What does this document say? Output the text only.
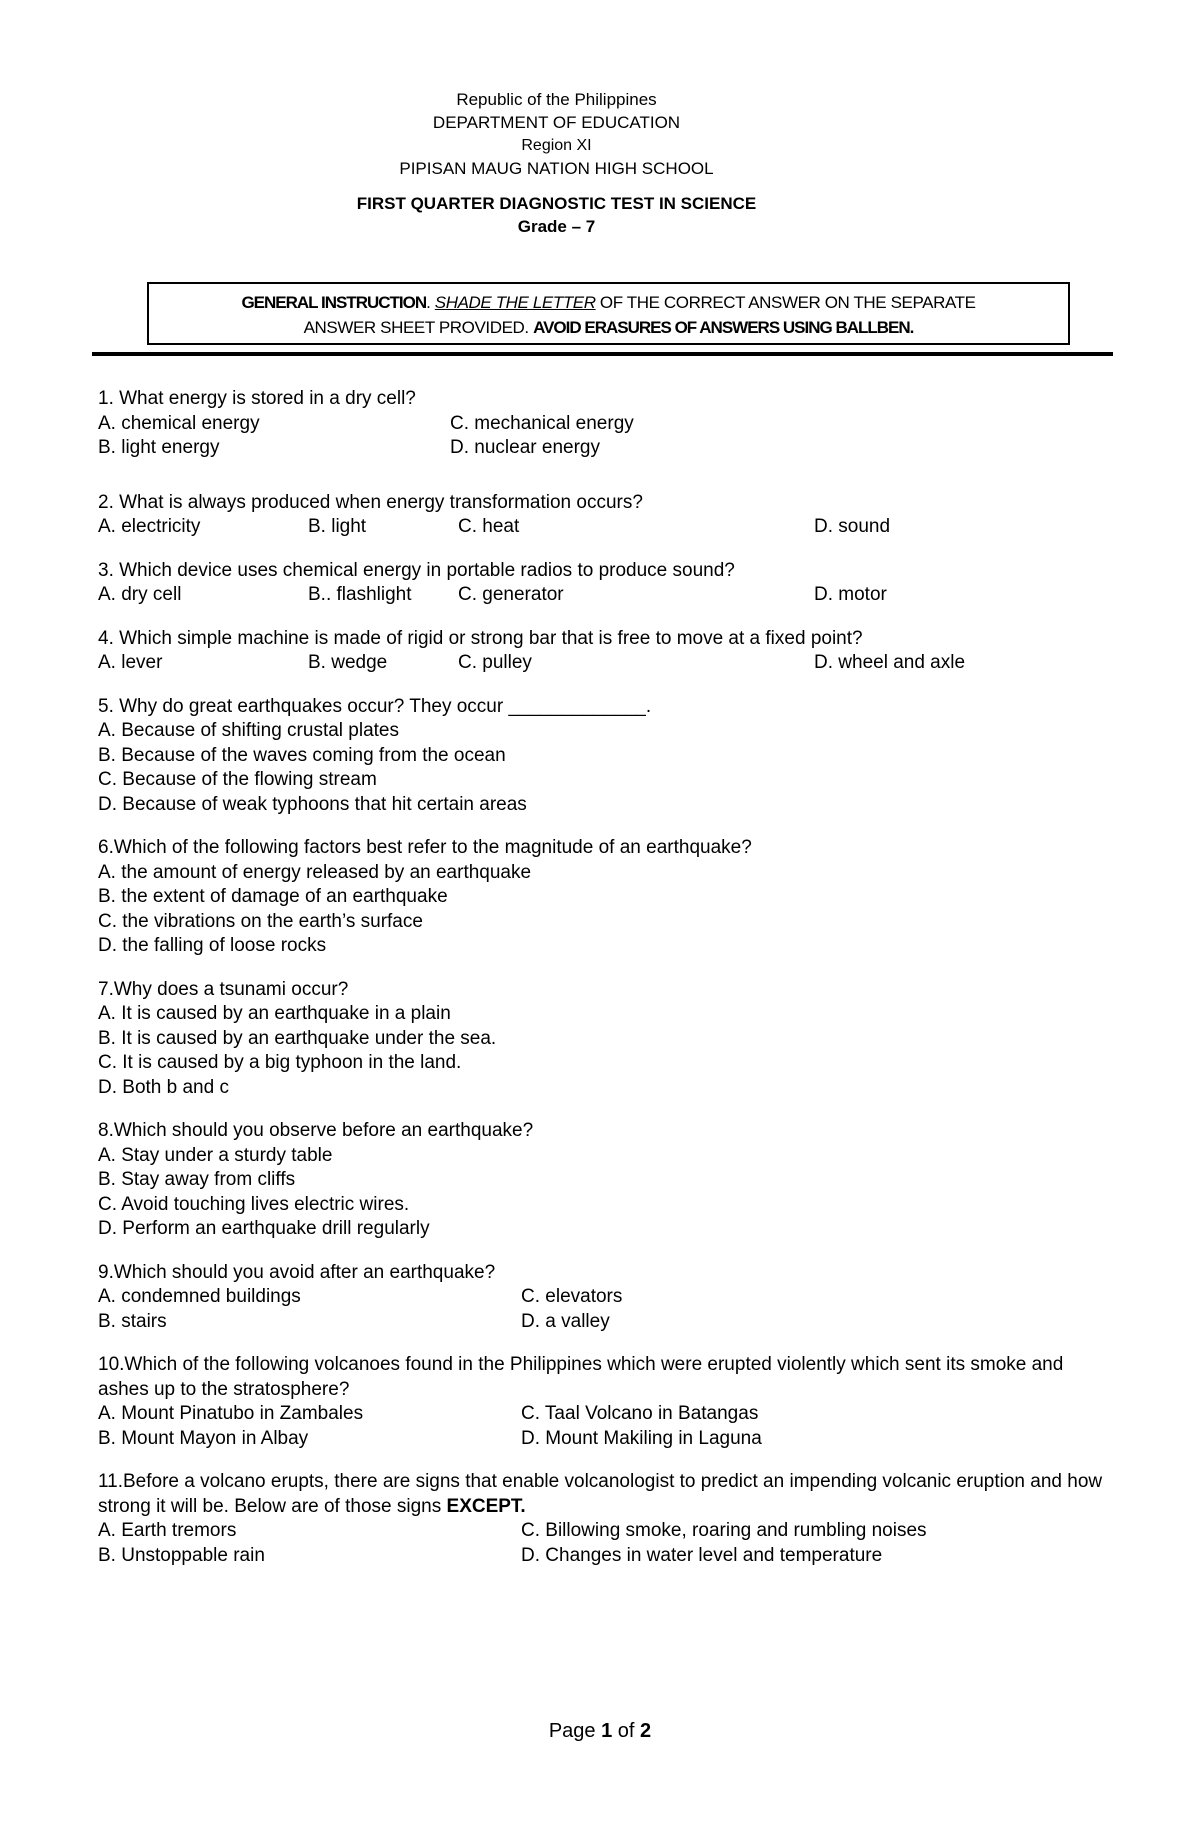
Republic of the Philippines
DEPARTMENT OF EDUCATION
Region XI
PIPISAN MAUG NATION HIGH SCHOOL
FIRST QUARTER DIAGNOSTIC TEST IN SCIENCE
Grade – 7
GENERAL INSTRUCTION. SHADE THE LETTER OF THE CORRECT ANSWER ON THE SEPARATE
ANSWER SHEET PROVIDED. AVOID ERASURES OF ANSWERS USING BALLBEN.
1. What energy is stored in a dry cell?
A. chemical energy	C. mechanical energy
B. light energy	D. nuclear energy
2. What is always produced when energy transformation occurs?
A. electricity	B. light	C. heat	D. sound
3. Which device uses chemical energy in portable radios to produce sound?
A. dry cell	B.. flashlight	C. generator	D. motor
4. Which simple machine is made of rigid or strong bar that is free to move at a fixed point?
A. lever	B. wedge	C. pulley	D. wheel and axle
5. Why do great earthquakes occur? They occur _____________.
A. Because of shifting crustal plates
B. Because of the waves coming from the ocean
C. Because of the flowing stream
D. Because of weak typhoons that hit certain areas
6.Which of the following factors best refer to the magnitude of an earthquake?
A. the amount of energy released by an earthquake
B. the extent of damage of an earthquake
C. the vibrations on the earth’s surface
D. the falling of loose rocks
7.Why does a tsunami occur?
A. It is caused by an earthquake in a plain
B. It is caused by an earthquake under the sea.
C. It is caused by a big typhoon in the land.
D. Both b and c
8.Which should you observe before an earthquake?
A. Stay under a sturdy table
B. Stay away from cliffs
C. Avoid touching lives electric wires.
D. Perform an earthquake drill regularly
9.Which should you avoid after an earthquake?
A. condemned buildings	C. elevators
B. stairs	D. a valley
10.Which of the following volcanoes found in the Philippines which were erupted violently which sent its smoke and ashes up to the stratosphere?
A. Mount Pinatubo in Zambales	C. Taal Volcano in Batangas
B. Mount Mayon in Albay	D. Mount Makiling in Laguna
11.Before a volcano erupts, there are signs that enable volcanologist to predict an impending volcanic eruption and how strong it will be. Below are of those signs EXCEPT.
A. Earth tremors	C. Billowing smoke, roaring and rumbling noises
B. Unstoppable rain	D. Changes in water level and temperature
Page 1 of 2
